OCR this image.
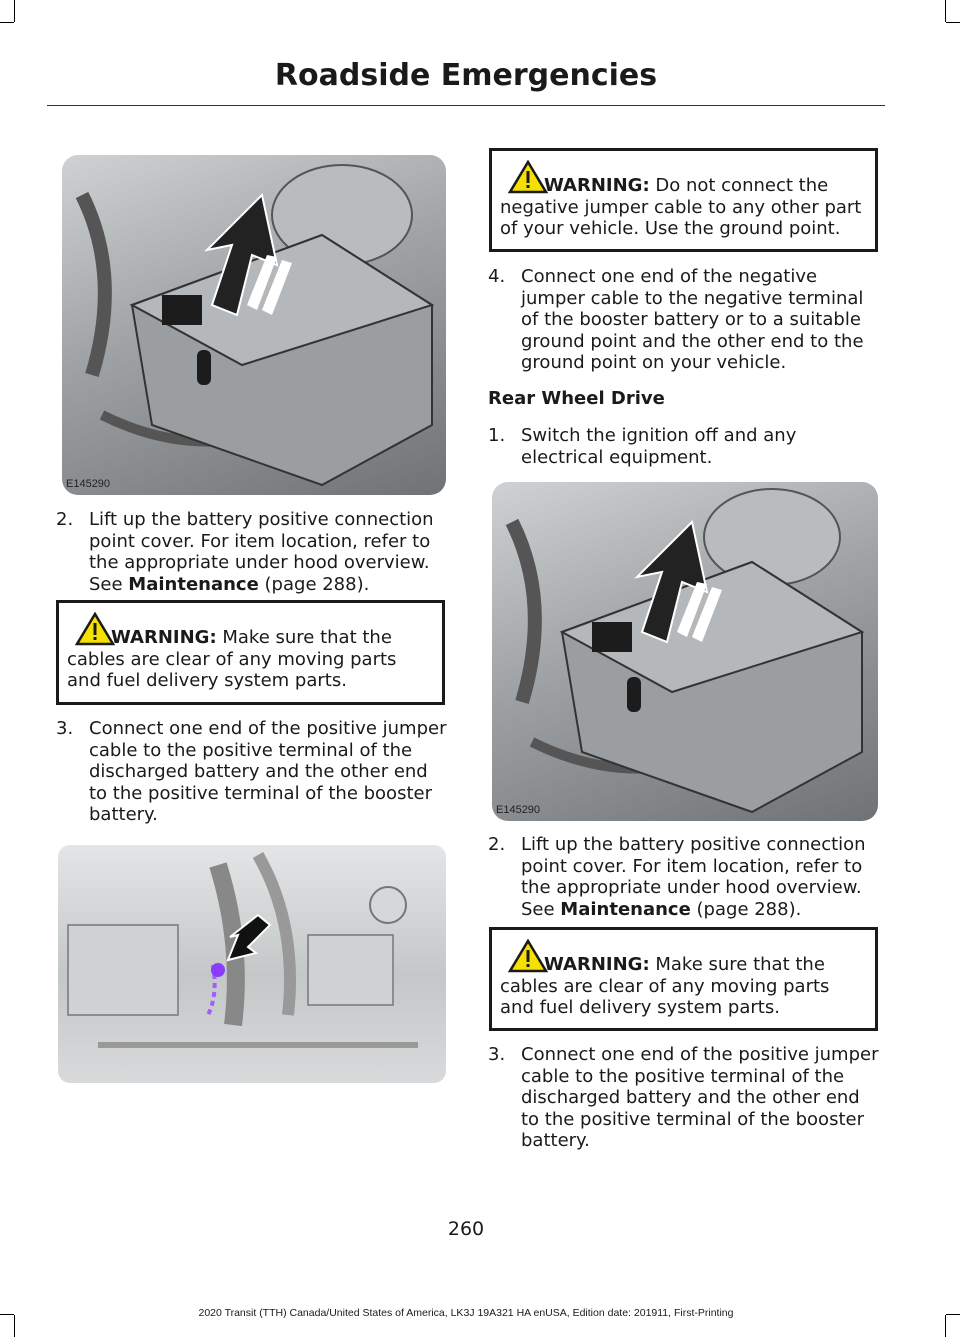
Roadside Emergencies
E145290
2. Lift up the battery positive connection point cover. For item location, refer to the appropriate under hood overview. See Maintenance (page 288).
WARNING: Make sure that the cables are clear of any moving parts and fuel delivery system parts.
3. Connect one end of the positive jumper cable to the positive terminal of the discharged battery and the other end to the positive terminal of the booster battery.
WARNING: Do not connect the negative jumper cable to any other part of your vehicle. Use the ground point.
4. Connect one end of the negative jumper cable to the negative terminal of the booster battery or to a suitable ground point and the other end to the ground point on your vehicle.
Rear Wheel Drive
1. Switch the ignition off and any electrical equipment.
E145290
2. Lift up the battery positive connection point cover. For item location, refer to the appropriate under hood overview. See Maintenance (page 288).
WARNING: Make sure that the cables are clear of any moving parts and fuel delivery system parts.
3. Connect one end of the positive jumper cable to the positive terminal of the discharged battery and the other end to the positive terminal of the booster battery.
260
2020 Transit (TTH) Canada/United States of America, LK3J 19A321 HA enUSA, Edition date: 201911, First-Printing
